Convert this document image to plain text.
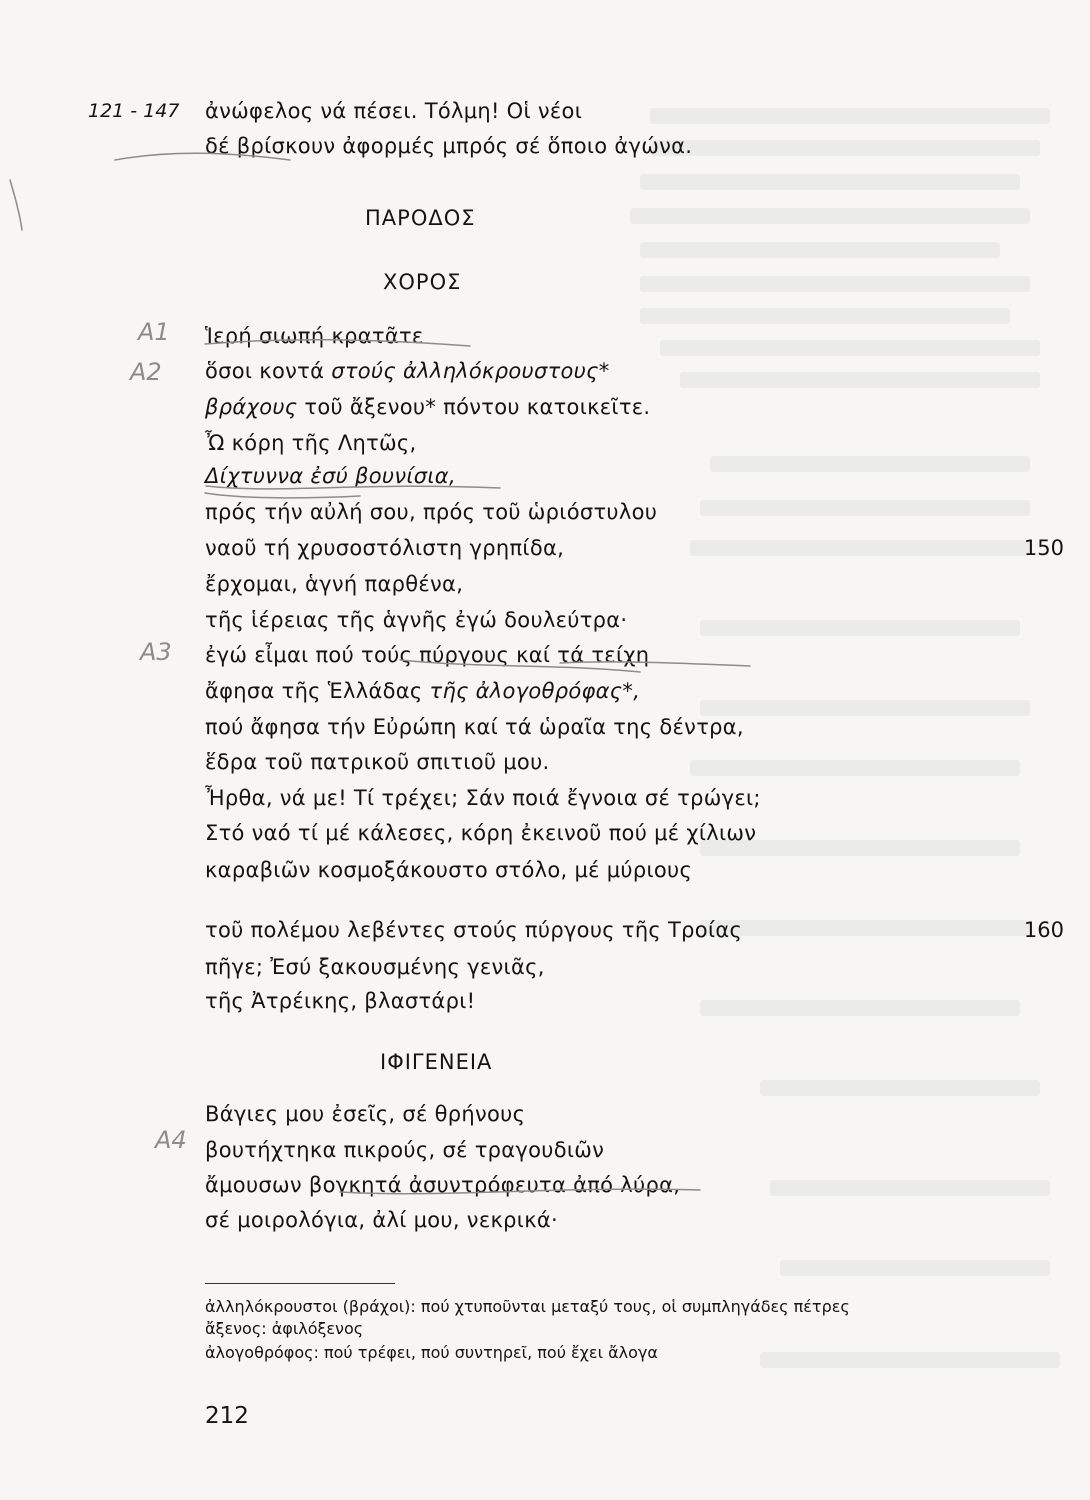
121 - 147 ἀνώφελος νά πέσει. Τόλμη! Οἱ νέοι
δέ βρίσκουν ἀφορμές μπρός σέ ὅποιο ἀγώνα.
ΠΑΡΟΔΟΣ
ΧΟΡΟΣ
Ἱερή σιωπή κρατᾶτε
ὅσοι κοντά στούς ἀλληλόκρουστους*
βράχους τοῦ ἄξενου* πόντου κατοικεῖτε.
Ὦ κόρη τῆς Λητῶς,
Δίχτυννα ἐσύ βουνίσια,
πρός τήν αὐλή σου, πρός τοῦ ὡριόστυλου
ναοῦ τή χρυσοστόλιστη γρηπίδα,
ἔρχομαι, ἁγνή παρθένα,
τῆς ἱέρειας τῆς ἁγνῆς ἐγώ δουλεύτρα·
ἐγώ εἶμαι πού τούς πύργους καί τά τείχη
ἄφησα τῆς Ἑλλάδας τῆς ἀλογοθρόφας*,
πού ἄφησα τήν Εὐρώπη καί τά ὡραῖα της δέντρα,
ἕδρα τοῦ πατρικοῦ σπιτιοῦ μου.
Ἦρθα, νά με! Τί τρέχει; Σάν ποιά ἔγνοια σέ τρώγει;
Στό ναό τί μέ κάλεσες, κόρη ἐκεινοῦ πού μέ χίλιων
καραβιῶν κοσμοξάκουστο στόλο, μέ μύριους
τοῦ πολέμου λεβέντες στούς πύργους τῆς Τροίας
πῆγε; Ἐσύ ξακουσμένης γενιᾶς,
τῆς Ἀτρέικης, βλαστάρι!
150
160
ΙΦΙΓΕΝΕΙΑ
Βάγιες μου ἐσεῖς, σέ θρήνους
βουτήχτηκα πικρούς, σέ τραγουδιῶν
ἄμουσων βογκητά ἀσυντρόφευτα ἀπό λύρα,
σέ μοιρολόγια, ἀλί μου, νεκρικά·
ἀλληλόκρουστοι (βράχοι): πού χτυποῦνται μεταξύ τους, οἱ συμπληγάδες πέτρες
ἄξενος: ἀφιλόξενος
ἀλογοθρόφος: πού τρέφει, πού συντηρεῖ, πού ἔχει ἄλογα
212
A1
A2
A3
A4
